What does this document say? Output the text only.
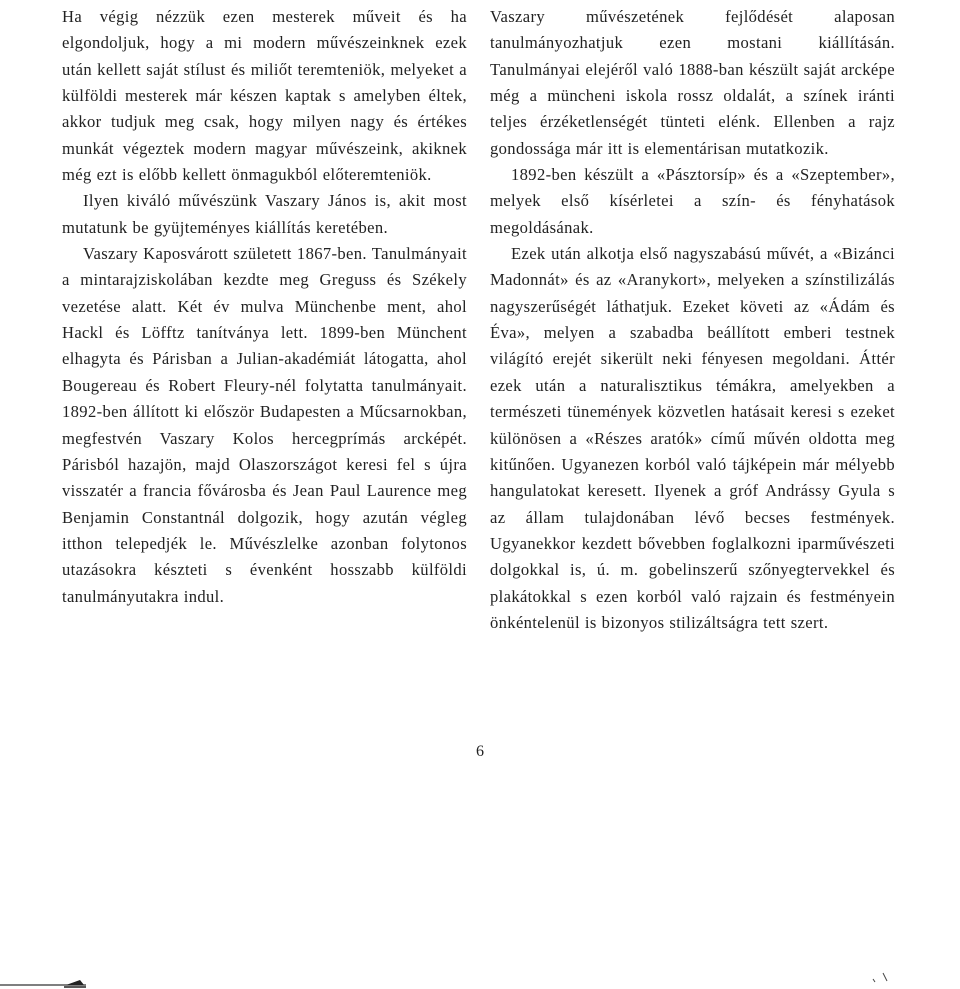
Ha végig nézzük ezen mesterek műveit és ha elgondoljuk, hogy a mi modern művészeinknek ezek után kellett saját stílust és miliőt teremteniök, melyeket a külföldi mesterek már készen kaptak s amelyben éltek, akkor tudjuk meg csak, hogy milyen nagy és értékes munkát végeztek modern magyar művészeink, akiknek még ezt is előbb kellett önmagukból előteremteniök.

Ilyen kiváló művészünk Vaszary János is, akit most mutatunk be gyüjteményes kiállítás keretében.

Vaszary Kaposvárott született 1867-ben. Tanulmányait a mintarajziskolában kezdte meg Greguss és Székely vezetése alatt. Két év mulva Münchenbe ment, ahol Hackl és Löfftz tanítványa lett. 1899-ben Münchent elhagyta és Párisban a Julian-akadémiát látogatta, ahol Bougereau és Robert Fleury-nél folytatta tanulmányait. 1892-ben állított ki először Budapesten a Műcsarnokban, megfestvén Vaszary Kolos hercegprímás arcképét. Párisból hazajön, majd Olaszországot keresi fel s újra visszatér a francia fővárosba és Jean Paul Laurence meg Benjamin Constantnál dolgozik, hogy azután végleg itthon telepedjék le. Művészlelke azonban folytonos utazásokra készteti s évenként hosszabb külföldi tanulmányutakra indul.

Vaszary művészetének fejlődését alaposan tanulmányozhatjuk ezen mostani kiállításán. Tanulmányai elejéről való 1888-ban készült saját arcképe még a müncheni iskola rossz oldalát, a színek iránti teljes érzéketlenségét tünteti elénk. Ellenben a rajz gondossága már itt is elementárisan mutatkozik.

1892-ben készült a «Pásztorsíp» és a «Szeptember», melyek első kísérletei a szín- és fényhatások megoldásának.

Ezek után alkotja első nagyszabású művét, a «Bizánci Madonnát» és az «Aranykort», melyeken a színstilizálás nagyszerűségét láthatjuk. Ezeket követi az «Ádám és Éva», melyen a szabadba beállított emberi testnek világító erejét sikerült neki fényesen megoldani. Áttér ezek után a naturalisztikus témákra, amelyekben a természeti tünemények közvetlen hatásait keresi s ezeket különösen a «Részes aratók» című művén oldotta meg kitűnően. Ugyanezen korból való tájképein már mélyebb hangulatokat keresett. Ilyenek a gróf Andrássy Gyula s az állam tulajdonában lévő becses festmények. Ugyanekkor kezdett bővebben foglalkozni iparművészeti dolgokkal is, ú. m. gobelinszerű szőnyegtervekkel és plakátokkal s ezen korból való rajzain és festményein önkéntelenül is bizonyos stilizáltságra tett szert.

6
